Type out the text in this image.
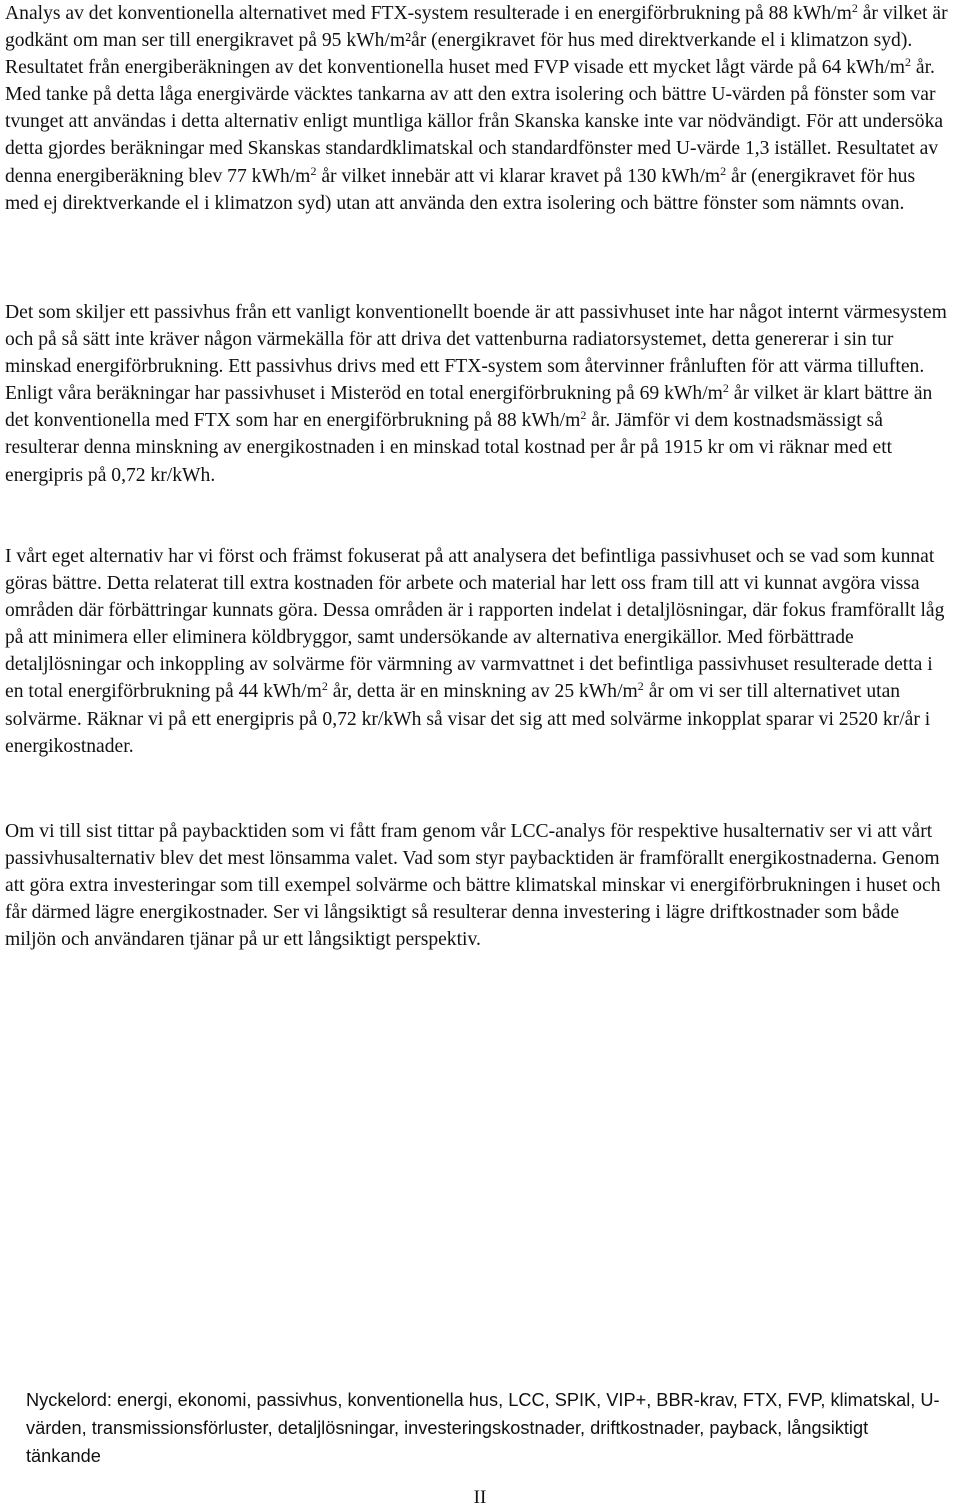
Analys av det konventionella alternativet med FTX-system resulterade i en energiförbrukning på 88 kWh/$m^2$ år vilket är godkänt om man ser till energikravet på 95 kWh/m²år (energikravet för hus med direktverkande el i klimatzon syd). Resultatet från energiberäkningen av det konventionella huset med FVP visade ett mycket lågt värde på 64 kWh/$m^2$ år. Med tanke på detta låga energivärde väcktes tankarna av att den extra isolering och bättre U-värden på fönster som var tvunget att användas i detta alternativ enligt muntliga källor från Skanska kanske inte var nödvändigt. För att undersöka detta gjordes beräkningar med Skanskas standardklimatskal och standardfönster med U-värde 1,3 istället. Resultatet av denna energiberäkning blev 77 kWh/$m^2$ år vilket innebär att vi klarar kravet på 130 kWh/$m^2$ år (energikravet för hus med ej direktverkande el i klimatzon syd) utan att använda den extra isolering och bättre fönster som nämnts ovan.

Det som skiljer ett passivhus från ett vanligt konventionellt boende är att passivhuset inte har något internt värmesystem och på så sätt inte kräver någon värmekälla för att driva det vattenburna radiatorsystemet, detta genererar i sin tur minskad energiförbrukning. Ett passivhus drivs med ett FTX-system som återvinner frånluften för att värma tilluften. Enligt våra beräkningar har passivhuset i Misteröd en total energiförbrukning på 69 kWh/$m^2$ år vilket är klart bättre än det konventionella med FTX som har en energiförbrukning på 88 kWh/$m^2$ år. Jämför vi dem kostnadsmässigt så resulterar denna minskning av energikostnaden i en minskad total kostnad per år på 1915 kr om vi räknar med ett energipris på 0,72 kr/kWh.

I vårt eget alternativ har vi först och främst fokuserat på att analysera det befintliga passivhuset och se vad som kunnat göras bättre. Detta relaterat till extra kostnaden för arbete och material har lett oss fram till att vi kunnat avgöra vissa områden där förbättringar kunnats göra. Dessa områden är i rapporten indelat i detaljlösningar, där fokus framförallt låg på att minimera eller eliminera köldbryggor, samt undersökande av alternativa energikällor. Med förbättrade detaljlösningar och inkoppling av solvärme för värmning av varmvattnet i det befintliga passivhuset resulterade detta i en total energiförbrukning på 44 kWh/$m^2$ år, detta är en minskning av 25 kWh/$m^2$ år om vi ser till alternativet utan solvärme. Räknar vi på ett energipris på 0,72 kr/kWh så visar det sig att med solvärme inkopplat sparar vi 2520 kr/år i energikostnader.

Om vi till sist tittar på paybacktiden som vi fått fram genom vår LCC-analys för respektive husalternativ ser vi att vårt passivhusalternativ blev det mest lönsamma valet. Vad som styr paybacktiden är framförallt energikostnaderna. Genom att göra extra investeringar som till exempel solvärme och bättre klimatskal minskar vi energiförbrukningen i huset och får därmed lägre energikostnader. Ser vi långsiktigt så resulterar denna investering i lägre driftkostnader som både miljön och användaren tjänar på ur ett långsiktigt perspektiv.

Nyckelord: energi, ekonomi, passivhus, konventionella hus, LCC, SPIK, VIP+, BBR-krav, FTX, FVP, klimatskal, U-värden, transmissionsförluster, detaljlösningar, investeringskostnader, driftkostnader, payback, långsiktigt tänkande

II
